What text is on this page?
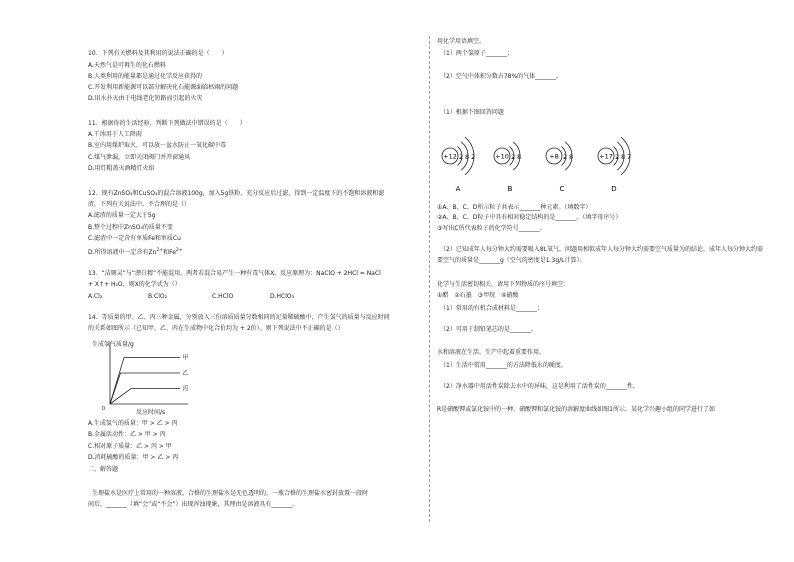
10．下列有关燃料及其利用的说法正确的是（　　）
A.天然气是可再生的化石燃料
B.人类利用的能量都是通过化学反应获得的
C.开发利用新能源可以部分解决化石能源面临枯竭的问题
D.用水扑灭由于电线老化短路而引起的火灾
11．根据你的生活经验，判断下列做法中错误的是（　　）
A.干冰用于人工降雨
B.室内用煤炉取火，可以放一盆水防止一氧化碳中毒
C.煤气泄漏，立即关闭阀门并开窗通风
D.用灯帽盖灭酒精灯火焰
12．现有ZnSO₄和CuSO₄的混合溶液100g，加入5g铁粉，充分反应后过滤，得到一定温度下的不饱和溶液和滤
渣，下列有关说法中，不合理的是（）
A.滤渣的质量一定大于5g
B.整个过程中ZnSO₄的质量不变
C.滤渣中一定含有单质Fe和单质Cu
D.所得溶液中一定含有$Zn^{2+}$和$Fe^{2+}$
13．“洁厕灵”与“漂白精”不能混用，两者若混合易产生一种有毒气体X，反应原理为：NaClO + 2HCl = NaCl
+ X↑+ H₂O，则X的化学式为（）
A.Cl₂	B.ClO₂	C.HClO	D.HClO₃
14．等质量的甲、乙、丙三种金属，分别放入三份溶质质量分数相同的足量稀硫酸中，产生氢气的质量与反应时间
的关系如图所示（已知甲、乙、丙在生成物中化合价均为 + 2价）。则下列说法中不正确的是（）
生成氢气质量/g
0	反应时间/s
甲
乙
丙
A.生成氢气的质量：甲 > 乙 > 丙
B.金属活动性：乙 > 甲 > 丙
C.相对原子质量：乙 > 丙 > 甲
D.消耗硫酸的质量：甲 > 乙 > 丙
二、解答题
生理盐水是医疗上常用的一种溶液，合格的生理盐水是无色透明的。一瓶合格的生理盐水密封放置一段时
间后，_______（填“会”或“不会”）出现浑浊现象，其理由是溶液具有_______。
用化学用语填空。
（1）两个氢原子_______；
（2）空气中体积分数占78%的气体_______。
（1）根据下图回答问题
+12 2 8 2
A
+10 2 8
B
+8 2 8
C
+17 2 8 7
D
①A、B、C、D所示粒子共表示_______种元素。（填数字）
②A、B、C、D粒子中具有相对稳定结构的是_______。（填字母序号）
③写出C所代表粒子的化学符号_______。
（2）已知成年人每分钟大约需要吸入8L氧气。问题用相似成年人每分钟大约需要空气质量为的结论，成年人每分钟大约需
要空气的质量是_______g（空气的密度是1.3g/L计算）。
化学与生活密切相关，请用下列物质的序号填空：
①醋　②石墨　③甲烷　④硝酸
（1）常用的有机合成材料是_______；
（2）可用于制铅笔芯的是_______。
水和溶液在生活、生产中起着重要作用。
（1）生活中常用_______的方法降低水的硬度。
（2）净水器中用活性炭除去水中的异味，这是利用了活性炭的_______性。
R是硝酸钾或氯化铵中的一种，硝酸钾和氯化铵的溶解度曲线如图1所示。某化学兴趣小组的同学进行了如
